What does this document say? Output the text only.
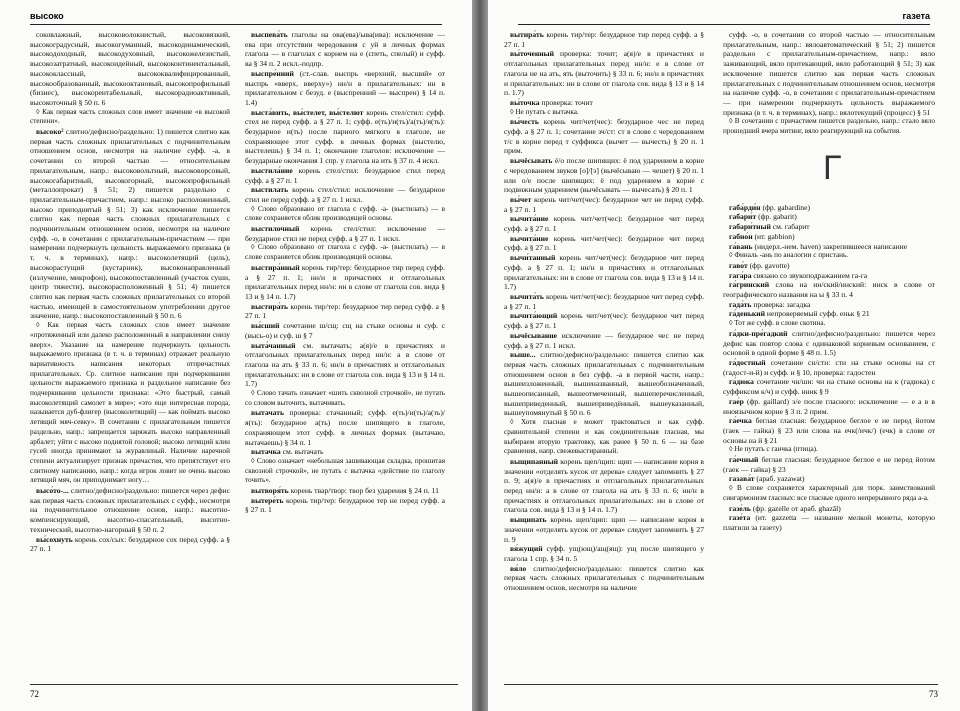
высоко

соковлажный, высоковолокнистый, высоковязкий, высокоградусный, высокогуманный, высокодинамический, высокодоходный, высокодуховный, высокожелезистый, высокозатратный, высокоидейный, высококонтинентальный, высококлассный, высококвалифицированный, высокообразованный, высокооктановый, высокопрофильный (бизнес), высокорентабельный, высокорадиоактивный, высокоточный § 50 п. 6

◊ Как первая часть сложных слов имеет значение «в высокой степени».

высоко² слитно/дефисно/раздельно: 1) пишется слитно как первая часть сложных прилагательных с подчинительным отношением основ, несмотря на наличие суфф. -а, в сочетании со второй частью — относительным прилагательным, напр.: высоковольтный, высоковорсовый, высокогабаритный, высокогорный, высокопрофильный (металлопрокат) § 51; 2) пишется раздельно с прилагательным-причастием, напр.: высоко расположенный, высоко приподнятый § 51; 3) как исключение пишется слитно как первая часть сложных прилагательных с подчинительным отношением основ, несмотря на наличие суфф. -о, в сочетании с прилагательным-причастием — при намерении подчеркнуть цельность выражаемого признака (в т. ч. в терминах), напр.: высоколетящий (цель), высокорастущий (кустарник), высоконаправленный (излучение, микрофон), высокопоставленный (участок суши, центр тяжести), высокорасположенный § 51; 4) пишется слитно как первая часть сложных прилагательных со второй частью, имеющей в самостоятельном употреблении другое значение, напр.: высокопоставленный § 50 п. 6

◊ Как первая часть сложных слов имеет значение «протяженный или далеко расположенный в направлении снизу вверх». Указание на намерение подчеркнуть цельность выражаемого признака (в т. ч. в терминах) отражает реальную вариативность написания некоторых отпричастных прилагательных. Ср. слитное написание при подчеркивании цельности выражаемого признака и раздельное написание без подчеркивания цельности признака: «Это быстрый, самый высоколетящий самолет в мире»; «это еще интересная порода, называется дуб-флигер (высоколетящий) — как поймать высоко летящий мяч-севку». В сочетании с прилагательным пишется раздельно, напр.: запрещается заряжать высоко направленный арбалет; уйти с высоко поднятой головой; высоко летящий клин гусей иногда принимают за журавлиный. Наличие наречной степени актуализирует признак причастия, что препятствует его слитному написанию, напр.: когда игрок ловит не очень высоко летящий мяч, он приподнимает ногу…

высо́то-... слитно/дефисно/раздельно: пишется через дефис как первая часть сложных прилагательных с суфф., несмотря на подчинительное отношение основ, напр.: высотно-компенсирующий, высотно-спасательный, высотно-технический, высотно-нагорный § 50 п. 2

вы́сохнуть корень сох/сых: безударное сох перед суфф. а § 27 п. 1

выспева́ть глаголы на ова(ева)/ыва(ива): исключение — ева при отсутствии чередования с уй в личных формах глагола — в глаголах с корнем на е (спеть, спелый) и суфф. ва § 34 п. 2 искл.-подпр.

выспре́нний (ст.-слав. выспрь «верхний, высший» от выспрь «вверх, вверху») нн/н в прилагательных: нн в прилагательном с безуд. е (выспренний — выспрен) § 14 п. 1.4)

выста́вить, вы́стелет, вы́стелют корень стел/стил: суфф. стел не перед суфф. а § 27 п. 1; суфф. е(ть)/и(ть)/а(ть)/я(ть): безударное и(ть) после парного мягкого в глаголе, не сохраняющее этот суфф. в личных формах (выстелю, выстелешь) § 34 п. 1; окончание глаголов: исключение — безударные окончания 1 спр. у глагола на ить § 37 п. 4 искл.

выстила́ние корень стел/стил: безударное стил перед суфф. а § 27 п. 1

выстилать корень стел/стил: исключение — безударное стил не перед суфф. а § 27 п. 1 искл.

◊ Слово образовано от глагола с суфф. -а- (выстилать) — в слове сохраняется облик производящей основы.

выстилочный корень стел/стил: исключение — безударное стил не перед суфф. а § 27 п. 1 искл.

◊ Слово образовано от глагола с суфф. -а- (выстилать) — в слове сохраняется облик производящей основы.

выстира́нный корень тир/тер: безударное тир перед суфф. а § 27 п. 1; нн/н в причастиях и отглагольных прилагательных перед нн/н: нн в слове от глагола сов. вида § 13 и § 14 п. 1.7)

выстира́ть корень тир/тер: безударное тир перед суфф. а § 27 п. 1

вы́сший сочетание ш/сщ: сщ на стыке основы и суф. с (высь-о) и суф. ш § 7

выта́чанный см. вытачать; а(я)/е в причастиях и отглагольных прилагательных перед нн/н: а в слове от глагола на ать § 33 п. 6; нн/н в причастиях и отглагольных прилагательных: нн в слове от глагола сов. вида § 13 и § 14 п. 1.7)

◊ Слово тачать означает «шить сквозной строчкой», не путать со словом выточить, вытачивать.

вытачать проверка: стачанный; суфф. е(ть)/и(ть)/а(ть)/я(ть): безударное а(ть) после шипящего в глаголе, сохраняющем этот суфф. в личных формах (вытачаю, вытачаешь) § 34 п. 1

вытачка см. вытачать

◊ Слово означает «небольшая зашивающая складка, прошитая сквозной строчкой», не путать с вытачка «действие по глаголу точить».

вытворя́ть корень твар/твор: твор без ударения § 24 п. 11

вытере́ть корень тир/тер: безударное тер не перед суфф. а § 27 п. 1

72
газета

вытира́ть корень тир/тер: безударное тир перед суфф. а § 27 п. 1

вы́точенный проверка: точит; а(я)/е в причастиях и отглагольных прилагательных перед нн/н: е в слове от глагола не на ать, ять (выточить) § 33 п. 6; нн/н в причастиях и прилагательных: нн в слове от глагола сов. вида § 13 и § 14 п. 1.7)

вы́точка проверка: точит

◊ Не путать с вытачка.

вы́честь корень чит/чет(чес): безударное чес не перед суфф. а § 27 п. 1; сочетание зч/ст: ст в слове с чередованием т/с в корне перед т суффикса (вычет — вычесть) § 20 п. 1 прим.

вычёсывать ё/о после шипящих: ё под ударением в корне с чередованием звуков [о]/[э] (вычёсываю — чешет) § 20 п. 1 или о/е после шипящих: ё под ударением в корне с подвижным ударением (вычёсывать — вычесать) § 20 п. 1

вы́чет корень чит/чет(чес): безударное чет не перед суфф. а § 27 п. 1

вычита́ние корень чит/чет(чес): безударное чит перед суфф. а § 27 п. 1

вычита́ние корень чит/чет(чес): безударное чит перед суфф. а § 27 п. 1

вычи́танный корень чит/чет(чес): безударное чит перед суфф. а § 27 п. 1; нн/н в причастиях и отглагольных прилагательных: нн в слове от глагола сов. вида § 13 и § 14 п. 1.7)

вычита́ть корень чит/чет(чес): безударное чит перед суфф. а § 27 п. 1

вычита́ющий корень чит/чет(чес): безударное чит перед суфф. а § 27 п. 1

вычёсывание исключение — безударное чес не перед суфф. а § 27 п. 1 искл.

выше... слитно/дефисно/раздельно: пишется слитно как первая часть сложных прилагательных с подчинительным отношением основ в без суфф. -а в первой части, напр.: вышеизложенный, вышеназванный, вышеобозначенный, вышеописанный, вышеотмеченный, вышеперечисленный, вышеприведенный, вышеприведённый, вышеуказанный, вышеупомянутый § 50 п. 6

◊ Хотя гласная е может трактоваться и как суфф. сравнительной степени и как соединительная гласная, мы выбираем вторую трактовку, как ранее § 50 п. 6 — на базе сравнения, напр. свежевыстиранный.

выщипанный корень щеп/щип: щип — написание корня в значении «отделять кусок от дерева» следует запомнить § 27 п. 9; а(я)/е в причастиях и отглагольных прилагательных перед нн/н: а в слове от глагола на ать § 33 п. 6; нн/н в причастиях и отглагольных прилагательных: нн в слове от глагола сов. вида § 13 и § 14 п. 1.7)

выщипать корень щеп/щип: щип — написание корня в значении «отделять кусок от дерева» следует запомнить § 27 п. 9

вя́жущий суфф. ущ(ющ)/ащ(ящ): ущ после шипящего у глагола 1 спр. § 34 п. 5

вя́ло слитно/дефисно/раздельно: пишется слитно как первая часть сложных прилагательных с подчинительным отношением основ, несмотря на наличие

суфф. -о, в сочетании со второй частью — относительным прилагательным, напр.: вялоавтоматический § 51; 2) пишется раздельно с прилагательным-причастием, напр.: вяло заживающий, вяло протекающий, вяло работающий § 51; 3) как исключение пишется слитно как первая часть сложных прилагательных с подчинительным отношением основ, несмотря на наличие суфф. -о, в сочетании с прилагательным-причастием — при намерении подчеркнуть цельность выражаемого признака (в т. ч. в терминах), напр.: вялотекущий (процесс) § 51

◊ В сочетании с причастием пишется раздельно, напр.: стало вяло прошедший вчера митинг, вяло реагирующий на события.

Г

габа́рди́н (фр. gabardine)

габари́т (фр. gabarit)

габари́тный см. габарит

габио́н (ит. gabbion)

га́вань (нидерл.-нем. haven) закрепившееся написание

◊ Финаль -ань по аналогии с пристань.

гаво́т (фр. gavotte)

гага́ра связано со звукоподражанием га-га

га́гринский слова на ин/ский/инский: инск в слове от географического названия на ы § 33 п. 4

гада́ть проверка: загадка

га́денький непроверяемый суфф. еньк § 21

◊ Тот же суфф. в слове скотина.

га́дки-пре́гадкий слитно/дефисно/раздельно: пишется через дефис как повтор слова с одинаковой корневым основанием, с основой в одной форме § 48 п. 1.5)

га́достный сочетание сн/стн: стн на стыке основы на ст (гадост-и-й) и суфф. н § 10, проверка: гадостен

га́дюка сочетание чн/шн: чн на стыке основы на к (гадюка) с суффиксом к/ч) и суфф. нник § 9

гае́р (фр. gaillard) э/е после гласного: исключение — е а в в иноязычном корне § 3 п. 2 прим.

га́ечка беглая гласная: безударное беглое е не перед йотом (гаек — гайка) § 23 или слова на ечк(/ичк/) (ечк) в слове от основы на й § 21

◊ Не путать с гаичка (птица).

га́ечный беглая гласная: безударное беглое е не перед йотом (гаек — гайка) § 23

газава́т (араб. yazawat)

◊ В слове сохраняется характерный для тюрк. заимствований сингармонизм гласных: все гласные одного непрерывного ряда а-а.

газе́ль (фр. gazelle от араб. ghazāl)

газе́та (ит. gazzetta — название мелкой монеты, которую платили за газету)

73
